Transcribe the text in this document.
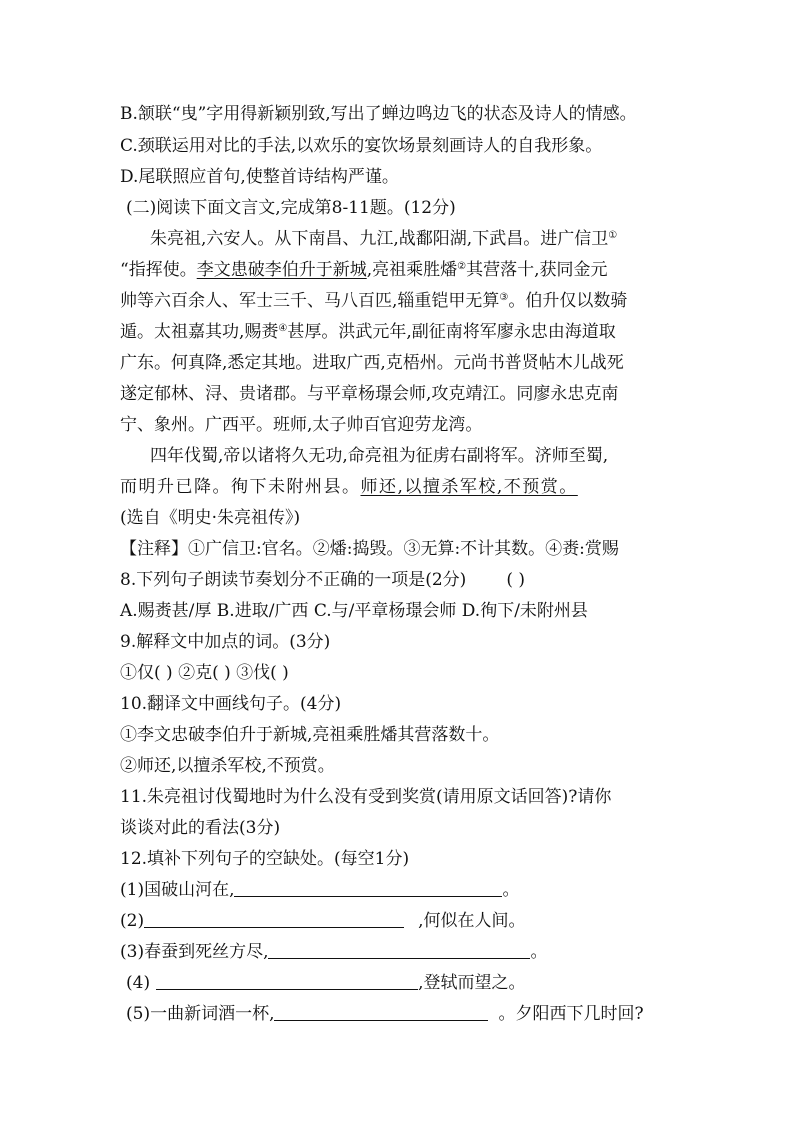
B.颔联“曳”字用得新颖别致,写出了蝉边鸣边飞的状态及诗人的情感。
C.颈联运用对比的手法,以欢乐的宴饮场景刻画诗人的自我形象。
D.尾联照应首句,使整首诗结构严谨。
(二)阅读下面文言文,完成第8-11题。(12分)
朱亮祖,六安人。从下南昌、九江,战鄱阳湖,下武昌。进广信卫①
“指挥使。李文患破李伯升于新城,亮祖乘胜燔②其营落十,获同金元
帅等六百余人、军士三千、马八百匹,辎重铠甲无算③。伯升仅以数骑
遁。太祖嘉其功,赐赉④甚厚。洪武元年,副征南将军廖永忠由海道取
广东。何真降,悉定其地。进取广西,克梧州。元尚书普贤帖木儿战死
遂定郁林、浔、贵诸郡。与平章杨璟会师,攻克靖江。同廖永忠克南
宁、象州。广西平。班师,太子帅百官迎劳龙湾。
四年伐蜀,帝以诸将久无功,命亮祖为征虏右副将军。济师至蜀,
而明升已降。徇下未附州县。师还,以擅杀军校,不预赏。
(选自《明史·朱亮祖传》)
【注释】①广信卫:官名。②燔:捣毁。③无算:不计其数。④赉:赏赐
8.下列句子朗读节奏划分不正确的一项是(2分) ( )
A.赐赉甚/厚 B.进取/广西 C.与/平章杨璟会师 D.徇下/未附州县
9.解释文中加点的词。(3分)
①仅( ) ②克( ) ③伐( )
10.翻译文中画线句子。(4分)
①李文忠破李伯升于新城,亮祖乘胜燔其营落数十。
②师还,以擅杀军校,不预赏。
11.朱亮祖讨伐蜀地时为什么没有受到奖赏(请用原文话回答)?请你
谈谈对此的看法(3分)
12.填补下列句子的空缺处。(每空1分)
(1)国破山河在,	。
(2)	,何似在人间。
(3)春蚕到死丝方尽,	。
(4)	,登轼而望之。
(5)一曲新词酒一杯,	。夕阳西下几时回?
